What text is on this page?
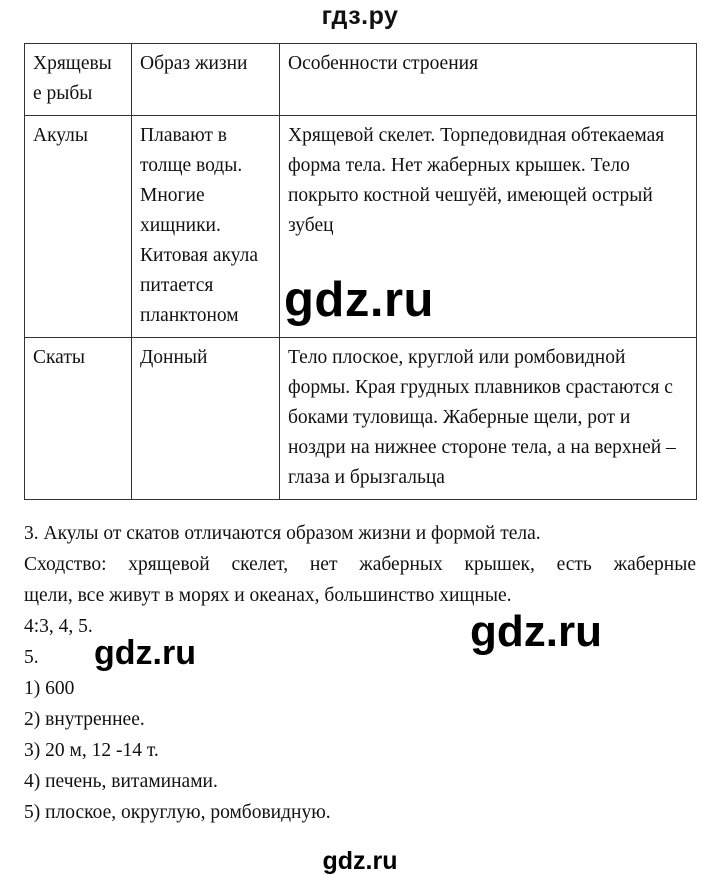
гдз.ру
Хрящевы е рыбы	Образ жизни	Особенности строения
Акулы	Плавают в толще воды. Многие хищники. Китовая акула питается планктоном	Хрящевой скелет. Торпедовидная обтекаемая форма тела. Нет жаберных крышек. Тело покрыто костной чешуёй, имеющей острый зубец
Скаты	Донный	Тело плоское, круглой или ромбовидной формы. Края грудных плавников срастаются с боками туловища. Жаберные щели, рот и ноздри на нижнее стороне тела, а на верхней – глаза и брызгальца

3. Акулы от скатов отличаются образом жизни и формой тела.

Сходство: хрящевой скелет, нет жаберных крышек, есть жаберные

щели, все живут в морях и океанах, большинство хищные.

4:3, 4, 5.

5.

1) 600

2) внутреннее.

3) 20 м, 12 -14 т.

4) печень, витаминами.

5) плоское, округлую, ромбовидную.

gdz.ru
gdz.ru
gdz.ru
gdz.ru
